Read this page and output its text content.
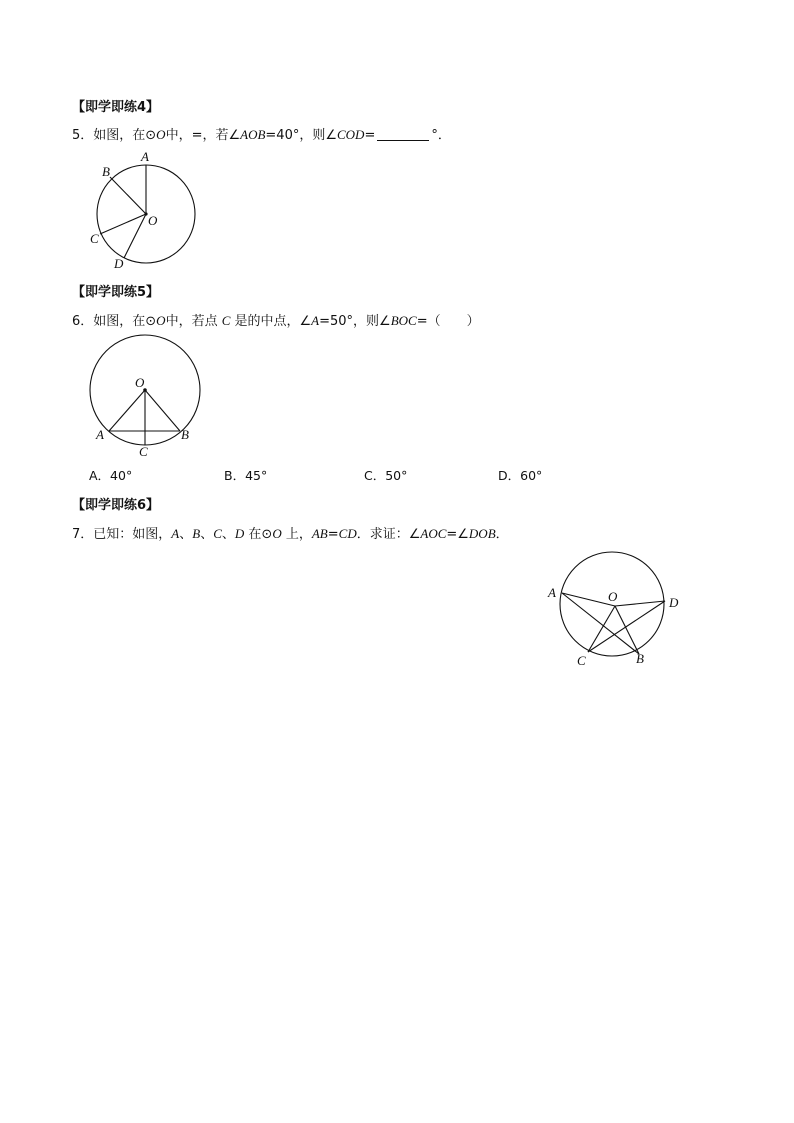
【即学即练4】
5．如图，在⊙O中，=，若∠AOB=40°，则∠COD=	°．
A
B
O
C
D
【即学即练5】
6．如图，在⊙O中，若点 C 是的中点，∠A=50°，则∠BOC=（　　）
O
A	B
C
A．40°	B．45°	C．50°	D．60°
【即学即练6】
7．已知：如图，A、B、C、D 在⊙O 上，AB=CD．求证：∠AOC=∠DOB．
A	O	D
C	B
